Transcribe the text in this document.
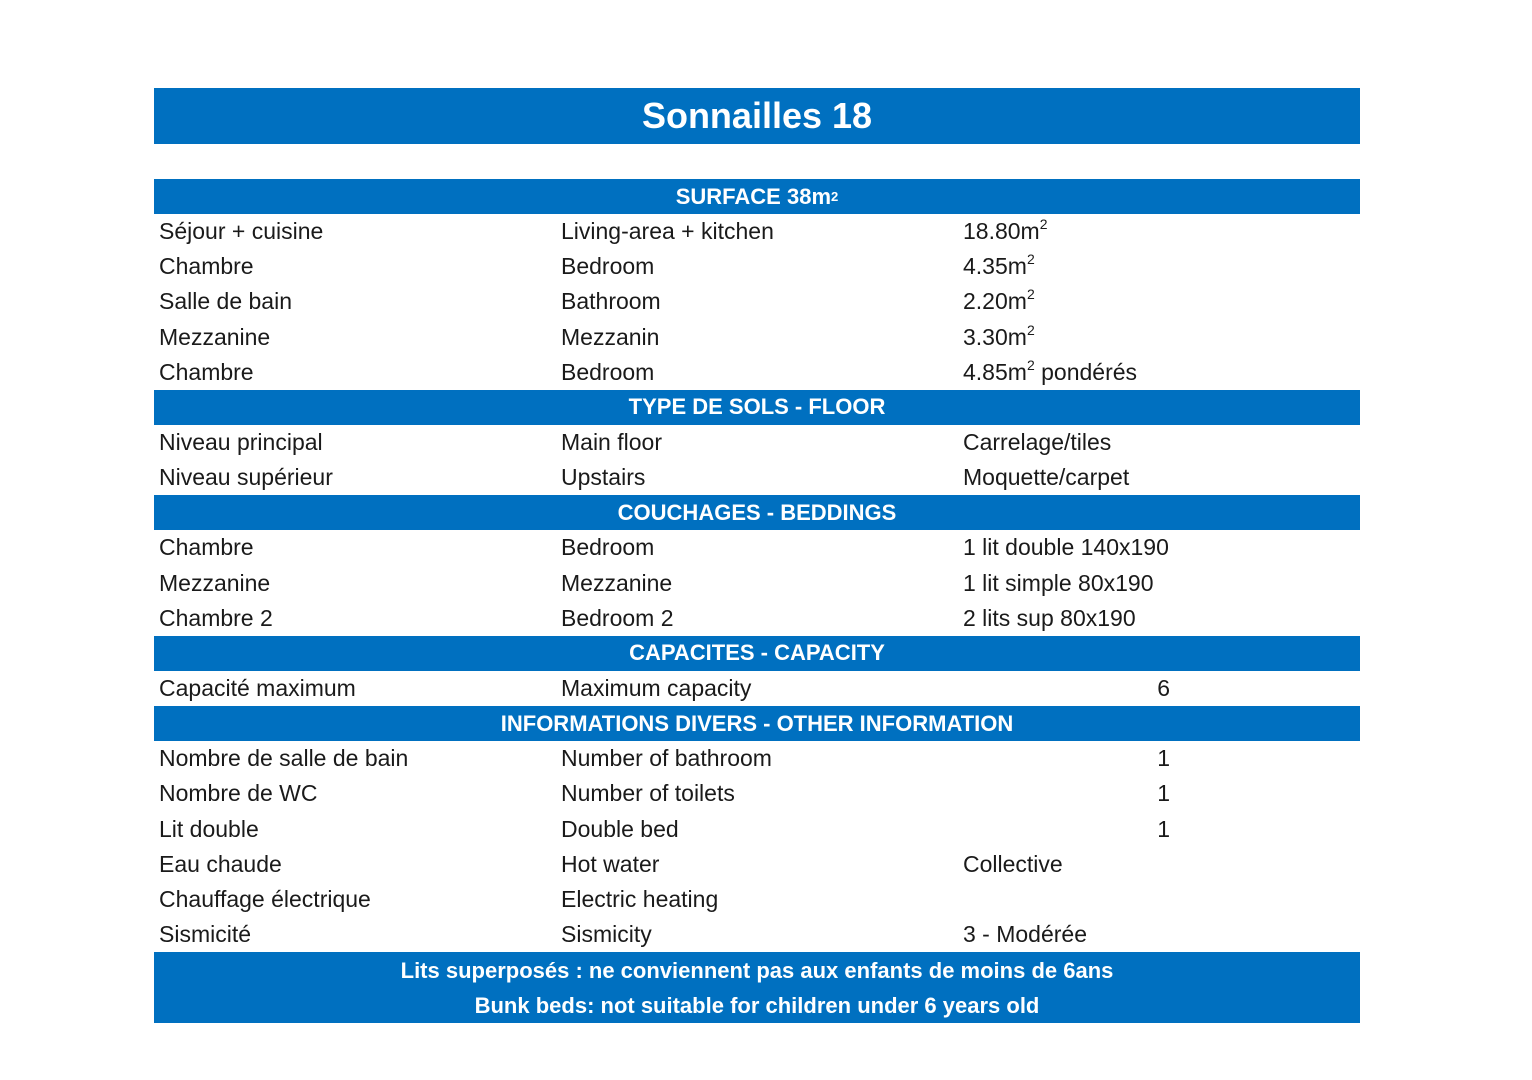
Sonnailles 18
SURFACE 38m 2
Séjour + cuisine	Living-area + kitchen	$18.80m^2$
Chambre	Bedroom	$4.35m^2$
Salle de bain	Bathroom	$2.20m^2$
Mezzanine	Mezzanin	$3.30m^2$
Chambre	Bedroom	$4.85m^2$ pondérés
TYPE DE SOLS - FLOOR
Niveau principal	Main floor	Carrelage/tiles
Niveau supérieur	Upstairs	Moquette/carpet
COUCHAGES - BEDDINGS
Chambre	Bedroom	1 lit double 140x190
Mezzanine	Mezzanine	1 lit simple 80x190
Chambre 2	Bedroom 2	2 lits sup 80x190
CAPACITES - CAPACITY
Capacité maximum	Maximum capacity	6
INFORMATIONS DIVERS - OTHER INFORMATION
Nombre de salle de bain	Number of bathroom	1
Nombre de WC	Number of toilets	1
Lit double	Double bed	1
Eau chaude	Hot water	Collective
Chauffage électrique	Electric heating
Sismicité	Sismicity	3 - Modérée
Lits superposés : ne conviennent pas aux enfants de moins de 6ans
Bunk beds: not suitable for children under 6 years old
